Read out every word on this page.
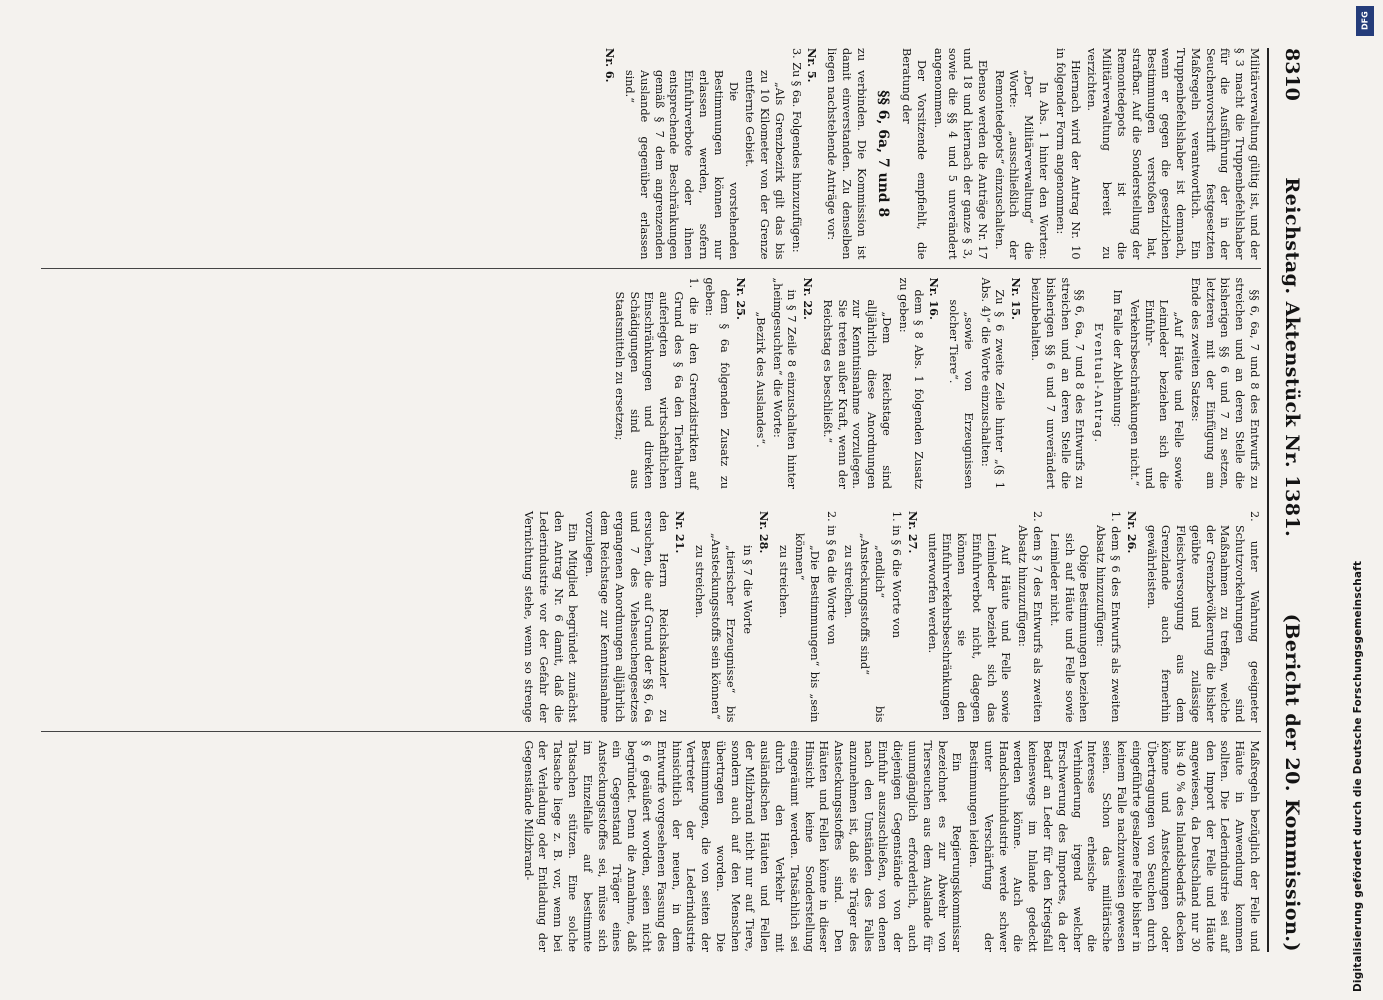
DFG
Digitalisierung gefördert durch die Deutsche Forschungsgemeinschaft
8310
Reichstag. Aktenstück Nr. 1381.
(Bericht der 20. Kommission.)

Militärverwaltung gültig ist, und der § 3 macht die Truppenbefehlshaber für die Ausführung der in der Seuchenvorschrift festgesetzten Maßregeln verantwortlich. Ein Truppenbefehlshaber ist demnach, wenn er gegen die gesetzlichen Bestimmungen verstoßen hat, strafbar. Auf die Sonderstellung der Remontedepots ist die Militärverwaltung bereit zu verzichten.

Hiernach wird der Antrag Nr. 10 in folgender Form angenommen:

In Abs. 1 hinter den Worten: „Der Militärverwaltung“ die Worte: „ausschließlich der Remontedepots“ einzuschalten.

Ebenso werden die Anträge Nr. 17 und 18 und hiernach der ganze § 3, sowie die §§ 4 und 5 unverändert angenommen.

Der Vorsitzende empfiehlt, die Beratung der

§§ 6, 6a, 7 und 8

zu verbinden. Die Kommission ist damit einverstanden. Zu denselben liegen nachstehende Anträge vor:

Nr. 5.

3. Zu § 6a. Folgendes hinzuzufügen:

„Als Grenzbezirk gilt das bis zu 10 Kilometer von der Grenze entfernte Gebiet.

Die vorstehenden Bestimmungen können nur erlassen werden, sofern Einfuhrverbote oder ihnen entsprechende Beschränkungen gemäß § 7 dem angrenzenden Auslande gegenüber erlassen sind.“

Nr. 6.

§§ 6, 6a, 7 und 8 des Entwurfs zu streichen und an deren Stelle die bisherigen §§ 6 und 7 zu setzen, letzteren mit der Einfügung am Ende des zweiten Satzes:

„Auf Häute und Felle sowie Leimleder beziehen sich die Einfuhr- und Verkehrsbeschränkungen nicht.“

Im Falle der Ablehnung:

Eventual-Antrag.

§§ 6, 6a, 7 und 8 des Entwurfs zu streichen und an deren Stelle die bisherigen §§ 6 und 7 unverändert beizubehalten.

Nr. 15.

Zu § 6 zweite Zeile hinter „(§ 1 Abs. 4)“ die Worte einzuschalten:

„sowie von Erzeugnissen solcher Tiere“.

Nr. 16.

dem § 8 Abs. 1 folgenden Zusatz zu geben:

„Dem Reichstage sind alljährlich diese Anordnungen zur Kenntnisnahme vorzulegen. Sie treten außer Kraft, wenn der Reichstag es beschließt.“

Nr. 22.

in § 7 Zeile 8 einzuschalten hinter „heimgesuchten“ die Worte:

„Bezirk des Auslandes“.

Nr. 25.

dem § 6a folgenden Zusatz zu geben:

1. die in den Grenzdistrikten auf Grund des § 6a den Tierhaltern auferlegten wirtschaftlichen Einschränkungen und direkten Schädigungen sind aus Staatsmitteln zu ersetzen;

2. unter Wahrung geeigneter Schutzvorkehrungen sind Maßnahmen zu treffen, welche der Grenzbevölkerung die bisher geübte und zulässige Fleischversorgung aus dem Grenzlande auch fernerhin gewährleisten.

Nr. 26.

1. dem § 6 des Entwurfs als zweiten Absatz hinzuzufügen:

Obige Bestimmungen beziehen sich auf Häute und Felle sowie Leimleder nicht.

2. dem § 7 des Entwurfs als zweiten Absatz hinzuzufügen:

Auf Häute und Felle sowie Leimleder bezieht sich das Einfuhrverbot nicht, dagegen können sie den Einfuhrverkehrsbeschränkungen unterworfen werden.

Nr. 27.

1. in § 6 die Worte von

„endlich“ bis „Ansteckungsstoffs sind“

zu streichen.

2. in § 6a die Worte von

„Die Bestimmungen“ bis „sein können“

zu streichen.

Nr. 28.

in § 7 die Worte

„tierischer Erzeugnisse“ bis „Ansteckungsstoffs sein können“

zu streichen.

Nr. 21.

den Herrn Reichskanzler zu ersuchen, die auf Grund der §§ 6, 6a und 7 des Viehseuchengesetzes ergangenen Anordnungen alljährlich dem Reichstage zur Kenntnisnahme vorzulegen.

Ein Mitglied begründet zunächst den Antrag Nr. 6 damit, daß die Lederindustrie vor der Gefahr der Vernichtung stehe, wenn so strenge Maßregeln bezüglich der Felle und Häute in Anwendung kommen sollten. Die Lederindustrie sei auf den Import der Felle und Häute angewiesen, da Deutschland nur 30 bis 40 % des Inlandsbedarfs decken könne und Ansteckungen oder Übertragungen von Seuchen durch eingeführte gesalzene Felle bisher in keinem Falle nachzuweisen gewesen seien. Schon das militärische Interesse erheische die Verhinderung irgend welcher Erschwerung des Importes, da der Bedarf an Leder für den Kriegsfall keineswegs im Inlande gedeckt werden könne. Auch die Handschuhindustrie werde schwer unter Verschärfung der Bestimmungen leiden.

Ein Regierungskommissar bezeichnet es zur Abwehr von Tierseuchen aus dem Auslande für unumgänglich erforderlich, auch diejenigen Gegenstände von der Einfuhr auszuschließen, von denen nach den Umständen des Falles anzunehmen ist, daß sie Träger des Ansteckungsstoffes sind. Den Häuten und Fellen könne in dieser Hinsicht keine Sonderstellung eingeräumt werden. Tatsächlich sei durch den Verkehr mit ausländischen Häuten und Fellen der Milzbrand nicht nur auf Tiere, sondern auch auf den Menschen übertragen worden. Die Bestimmungen, die von seiten der Vertreter der Lederindustrie hinsichtlich der neuen, in dem Entwurfe vorgesehenen Fassung des § 6 geäußert worden, seien nicht begründet. Denn die Annahme, daß ein Gegenstand Träger eines Ansteckungsstoffes sei, müsse sich im Einzelfalle auf bestimmte Tatsachen stützen. Eine solche Tatsache liege z. B. vor, wenn bei der Verladung oder Entladung der Gegenstände Milzbrand-
